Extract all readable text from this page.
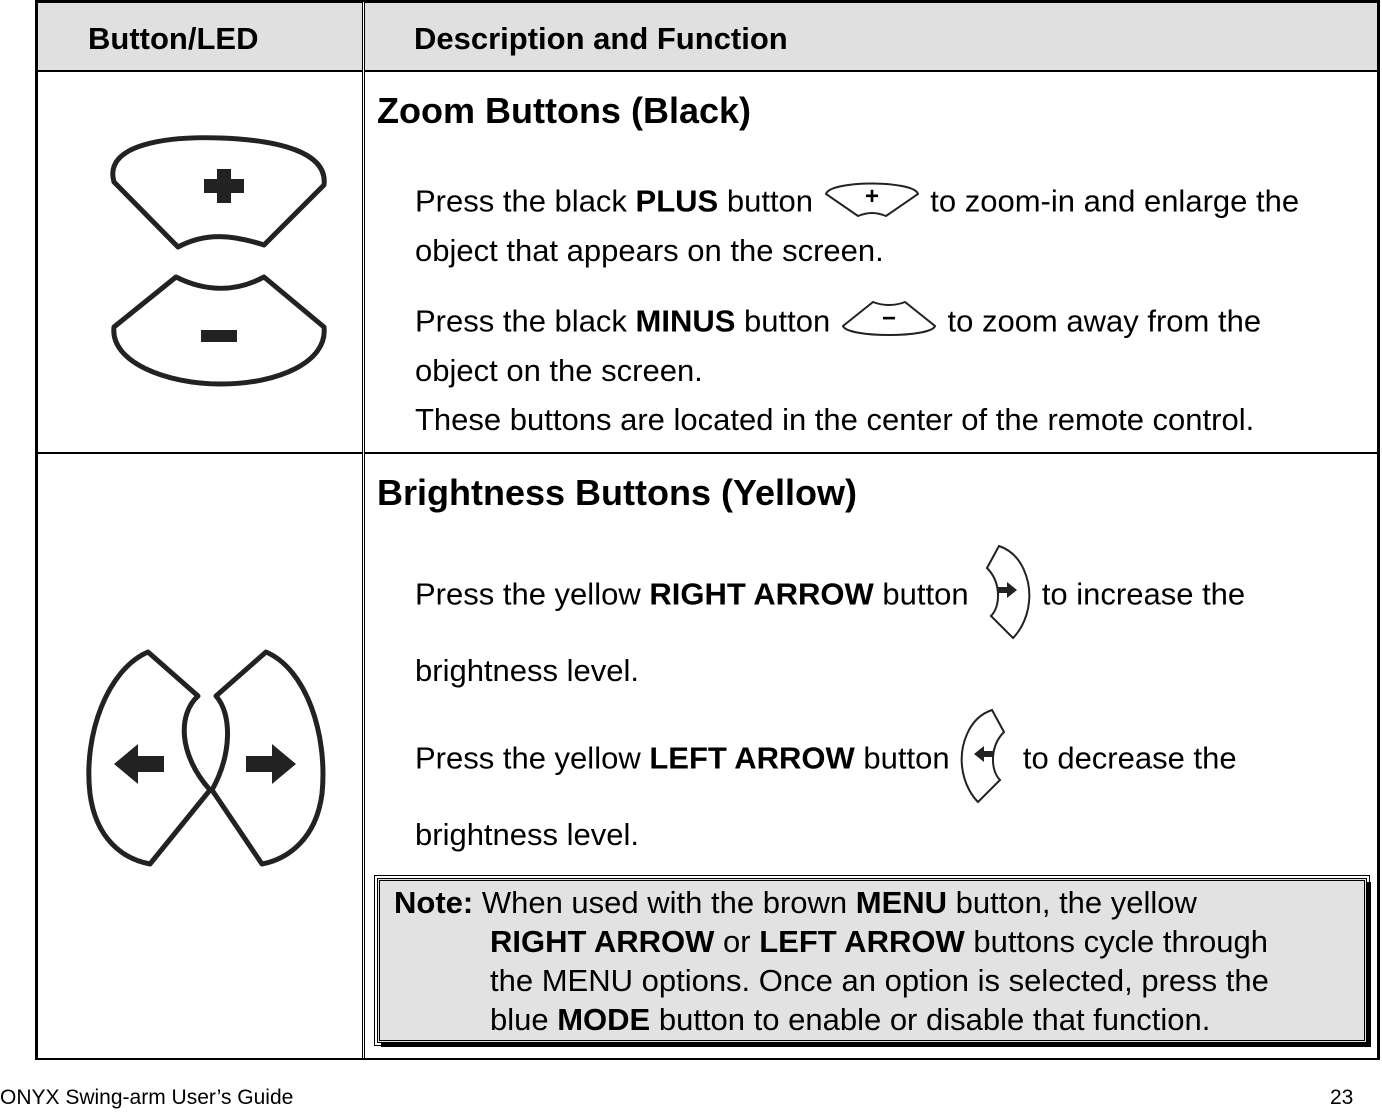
Button/LED	Description and Function
Zoom Buttons (Black)
Press the black PLUS button + to zoom-in and enlarge the
object that appears on the screen.
Press the black MINUS button − to zoom away from the
object on the screen.
These buttons are located in the center of the remote control.
Brightness Buttons (Yellow)
Press the yellow RIGHT ARROW button  to increase the
brightness level.
Press the yellow LEFT ARROW button  to decrease the
brightness level.
Note: When used with the brown MENU button, the yellow
RIGHT ARROW or LEFT ARROW buttons cycle through
the MENU options. Once an option is selected, press the
blue MODE button to enable or disable that function.
ONYX Swing-arm User’s Guide	23
